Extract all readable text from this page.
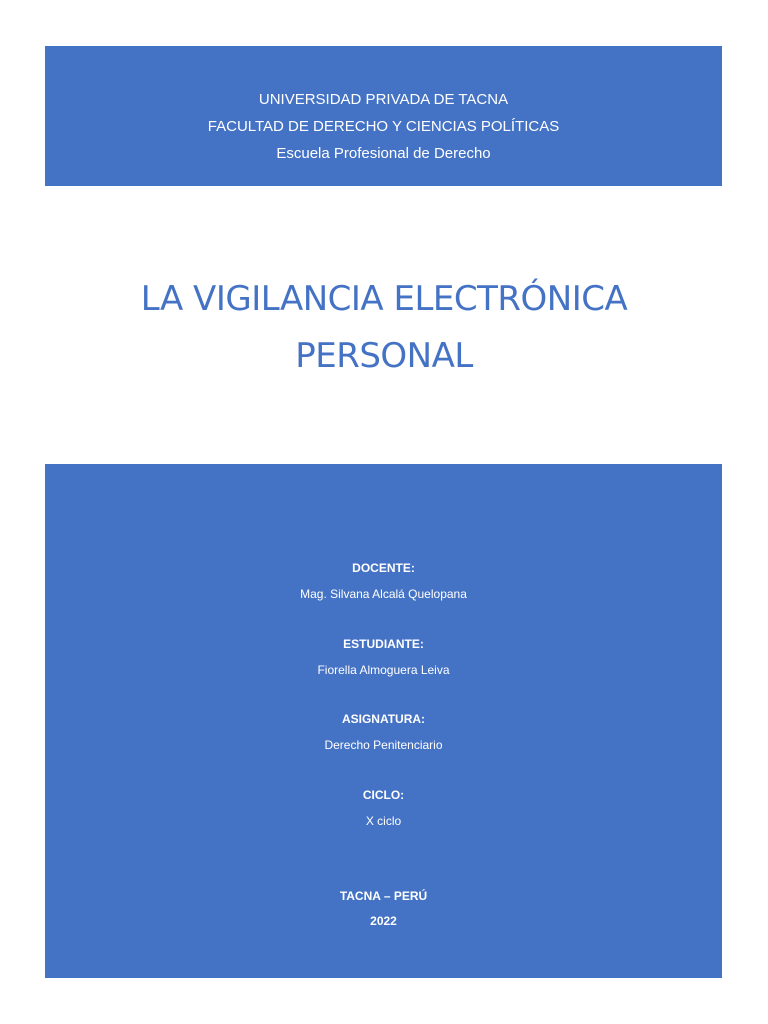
UNIVERSIDAD PRIVADA DE TACNA
FACULTAD DE DERECHO Y CIENCIAS POLÍTICAS
Escuela Profesional de Derecho
LA VIGILANCIA ELECTRÓNICA
PERSONAL
DOCENTE:
Mag. Silvana Alcalá Quelopana
ESTUDIANTE:
Fiorella Almoguera Leiva
ASIGNATURA:
Derecho Penitenciario
CICLO:
X ciclo
TACNA – PERÚ
2022
